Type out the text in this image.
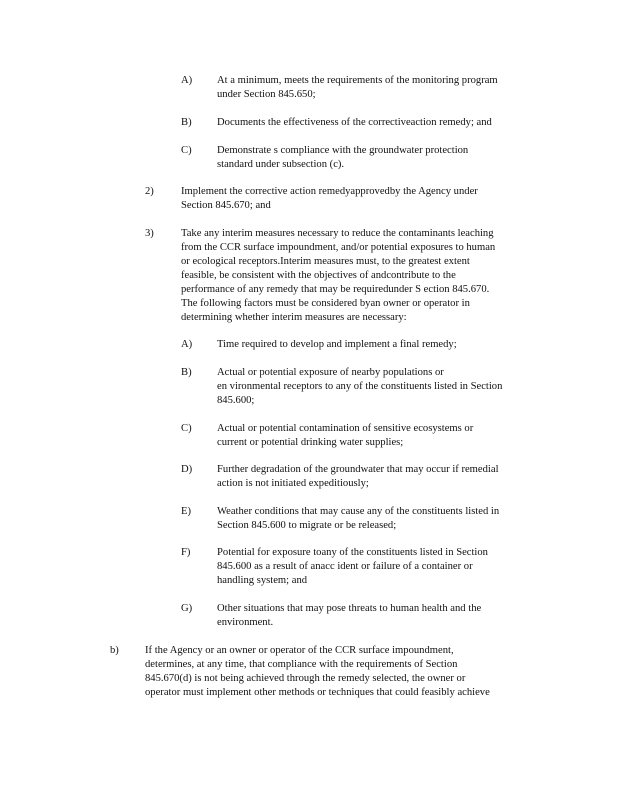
A) At a minimum, meets the requirements of the monitoring program
under Section 845.650;
B) Documents the effectiveness of the correctiveaction remedy; and
C) Demonstrate s compliance with the groundwater protection
standard under subsection (c).
2)	Implement the corrective action remedyapprovedby the Agency under
Section 845.670; and
3)	Take any interim measures necessary to reduce the contaminants leaching
from the CCR surface impoundment, and/or potential exposures to human
or ecological receptors.Interim measures must, to the greatest extent
feasible, be consistent with the objectives of andcontribute to the
performance of any remedy that may be requiredunder S ection 845.670.
The following factors must be considered byan owner or operator in
determining whether interim measures are necessary:
A) Time required to develop and implement a final remedy;
B) Actual or potential exposure of nearby populations or
en vironmental receptors to any of the constituents listed in Section
845.600;
C) Actual or potential contamination of sensitive ecosystems or
current or potential drinking water supplies;
D) Further degradation of the groundwater that may occur if remedial
action is not initiated expeditiously;
E) Weather conditions that may cause any of the constituents listed in
Section 845.600 to migrate or be released;
F)	Potential for exposure toany of the constituents listed in Section
845.600 as a result of anacc ident or failure of a container or
handling system; and
G) Other situations that may pose threats to human health and the
environment.
b) If the Agency or an owner or operator of the CCR surface impoundment,
determines, at any time, that compliance with the requirements of Section
845.670(d) is not being achieved through the remedy selected, the owner or
operator must implement other methods or techniques that could feasibly achieve
